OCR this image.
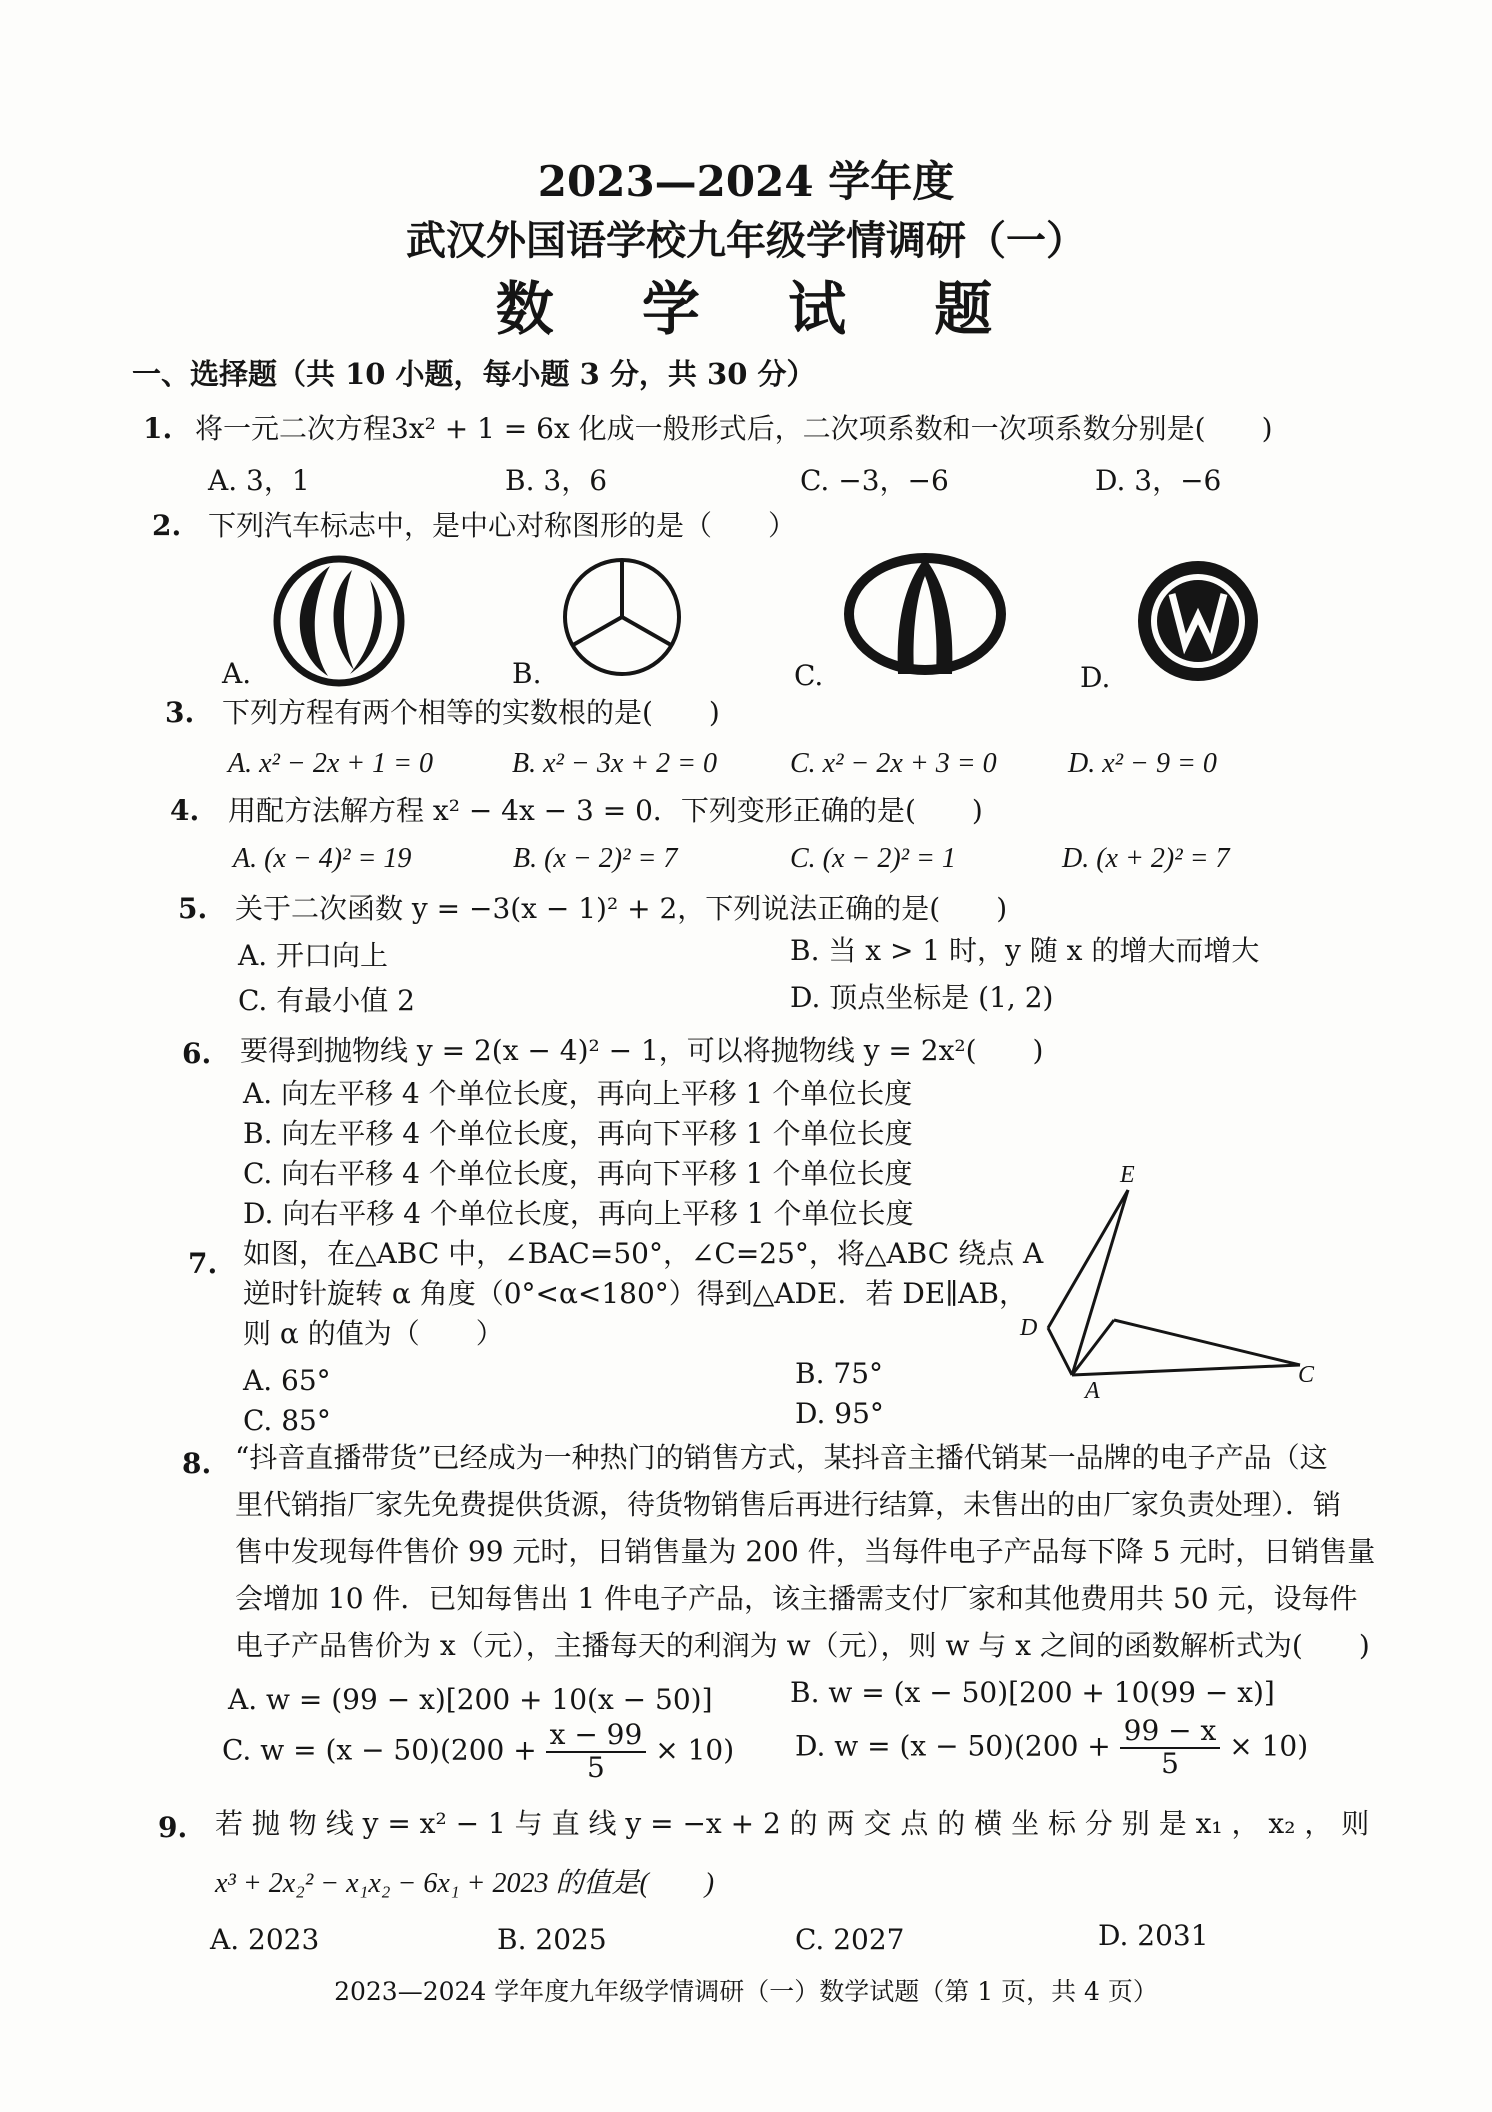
2023—2024 学年度
武汉外国语学校九年级学情调研（一）
数 学 试 题
一、选择题（共 10 小题，每小题 3 分，共 30 分）
1. 将一元二次方程3x² + 1 = 6x 化成一般形式后，二次项系数和一次项系数分别是(　　)
A. 3，1	B. 3，6	C. −3，−6	D. 3，−6
2. 下列汽车标志中，是中心对称图形的是（　　）
A.	B.	C.	D.
3. 下列方程有两个相等的实数根的是(　　)
A. x² − 2x + 1 = 0	B. x² − 3x + 2 = 0	C. x² − 2x + 3 = 0	D. x² − 9 = 0
4. 用配方法解方程 x² − 4x − 3 = 0．下列变形正确的是(　　)
A. (x − 4)² = 19	B. (x − 2)² = 7	C. (x − 2)² = 1	D. (x + 2)² = 7
5. 关于二次函数 y = −3(x − 1)² + 2，下列说法正确的是(　　)
A. 开口向上	B. 当 x > 1 时，y 随 x 的增大而增大
C. 有最小值 2	D. 顶点坐标是 (1, 2)
6. 要得到抛物线 y = 2(x − 4)² − 1，可以将抛物线 y = 2x²(　　)
A. 向左平移 4 个单位长度，再向上平移 1 个单位长度
B. 向左平移 4 个单位长度，再向下平移 1 个单位长度
C. 向右平移 4 个单位长度，再向下平移 1 个单位长度
D. 向右平移 4 个单位长度，再向上平移 1 个单位长度
7. 如图，在△ABC 中，∠BAC=50°，∠C=25°，将△ABC 绕点 A
逆时针旋转 α 角度（0°<α<180°）得到△ADE．若 DE∥AB，
则 α 的值为（　　）
A. 65°	B. 75°
C. 85°	D. 95°
E
D
A
C
8. “抖音直播带货”已经成为一种热门的销售方式，某抖音主播代销某一品牌的电子产品（这
里代销指厂家先免费提供货源，待货物销售后再进行结算，未售出的由厂家负责处理）．销
售中发现每件售价 99 元时，日销售量为 200 件，当每件电子产品每下降 5 元时，日销售量
会增加 10 件．已知每售出 1 件电子产品，该主播需支付厂家和其他费用共 50 元，设每件
电子产品售价为 x（元），主播每天的利润为 w（元），则 w 与 x 之间的函数解析式为(　　)
A. w = (99 − x)[200 + 10(x − 50)]	B. w = (x − 50)[200 + 10(99 − x)]
C. $w = (x - 50)(200 + \frac{x - 99}{5} \times 10)$ D. $w = (x - 50)(200 + \frac{99 - x}{5} \times 10)$
9. 若 抛 物 线 y = x² − 1 与 直 线 y = −x + 2 的 两 交 点 的 横 坐 标 分 别 是 x₁ ， x₂ ， 则
x³ + 2x₂² − x₁x₂ − 6x₁ + 2023 的值是(　　)
A. 2023	B. 2025	C. 2027	D. 2031
2023—2024 学年度九年级学情调研（一）数学试题（第 1 页，共 4 页）
